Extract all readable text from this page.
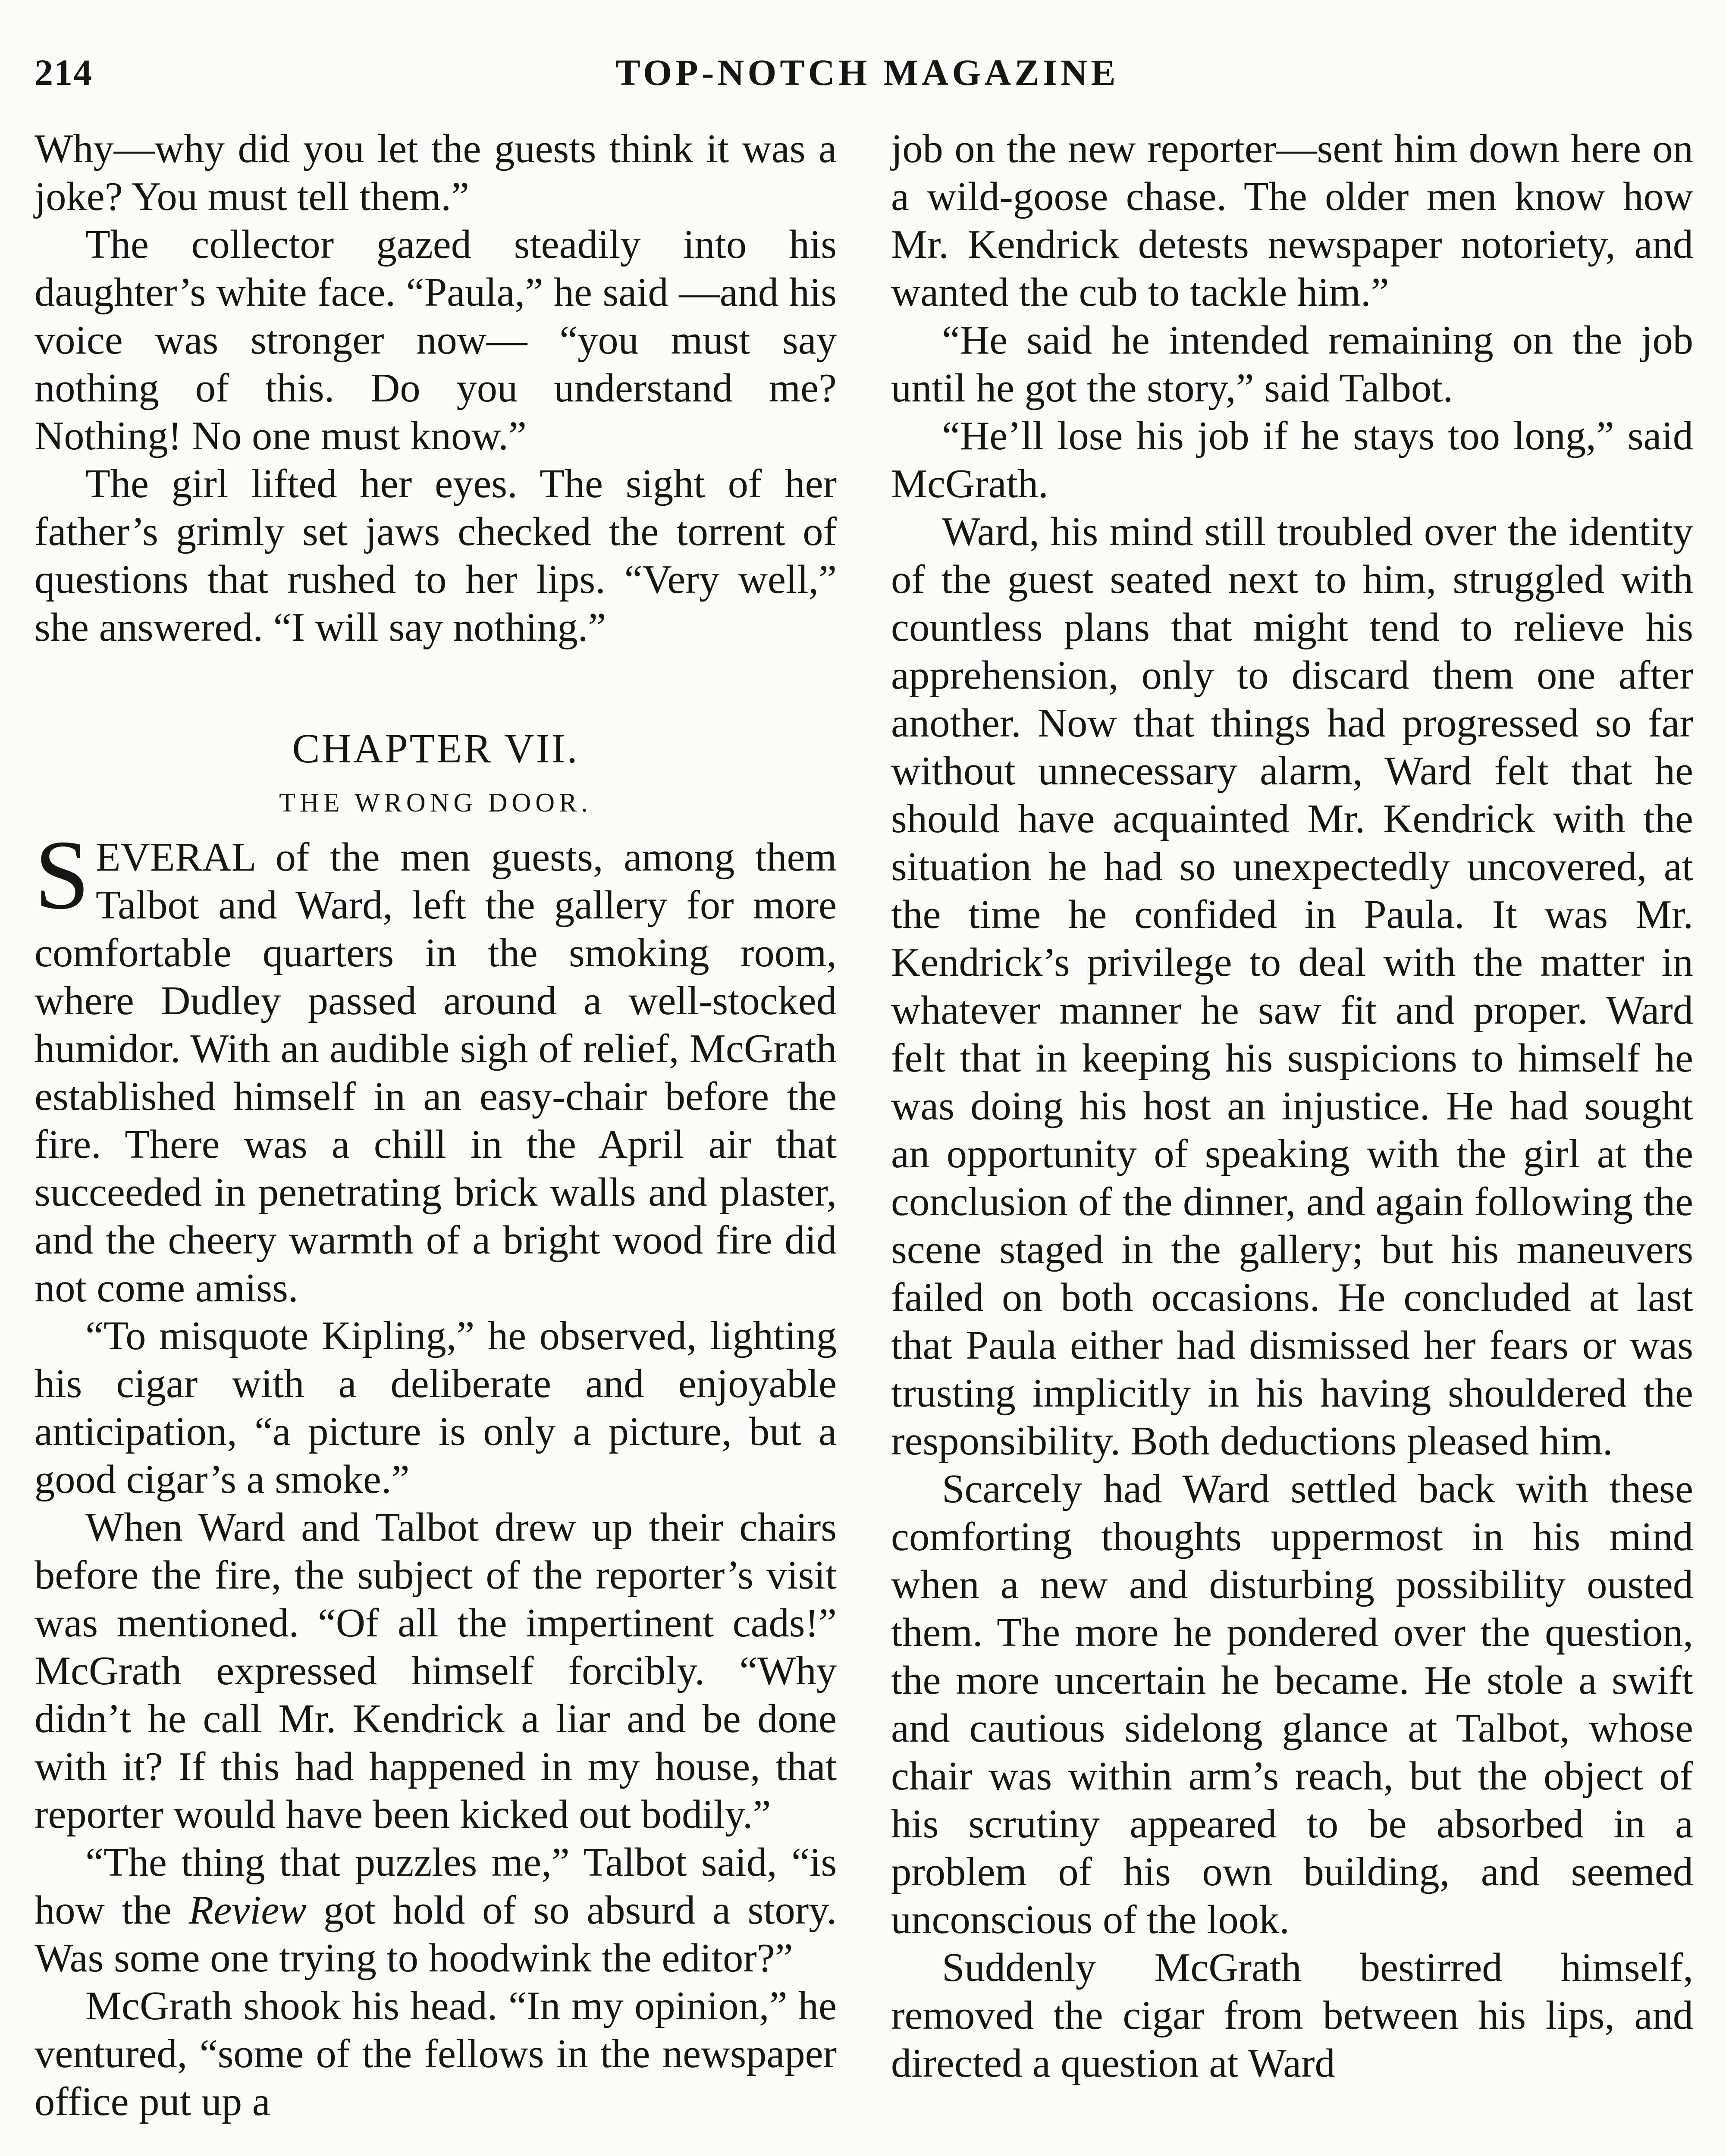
214	TOP-NOTCH MAGAZINE

Why—why did you let the guests think it was a joke? You must tell them.”

The collector gazed steadily into his daughter’s white face. “Paula,” he said —and his voice was stronger now— “you must say nothing of this. Do you understand me? Nothing! No one must know.”

The girl lifted her eyes. The sight of her father’s grimly set jaws checked the torrent of questions that rushed to her lips. “Very well,” she answered. “I will say nothing.”

CHAPTER VII.
THE WRONG DOOR.

SEVERAL of the men guests, among them Talbot and Ward, left the gallery for more comfortable quarters in the smoking room, where Dudley passed around a well-stocked humidor. With an audible sigh of relief, McGrath established himself in an easy-chair before the fire. There was a chill in the April air that succeeded in penetrating brick walls and plaster, and the cheery warmth of a bright wood fire did not come amiss.

“To misquote Kipling,” he observed, lighting his cigar with a deliberate and enjoyable anticipation, “a picture is only a picture, but a good cigar’s a smoke.”

When Ward and Talbot drew up their chairs before the fire, the subject of the reporter’s visit was mentioned. “Of all the impertinent cads!” McGrath expressed himself forcibly. “Why didn’t he call Mr. Kendrick a liar and be done with it? If this had happened in my house, that reporter would have been kicked out bodily.”

“The thing that puzzles me,” Talbot said, “is how the Review got hold of so absurd a story. Was some one trying to hoodwink the editor?”

McGrath shook his head. “In my opinion,” he ventured, “some of the fellows in the newspaper office put up a

job on the new reporter—sent him down here on a wild-goose chase. The older men know how Mr. Kendrick detests newspaper notoriety, and wanted the cub to tackle him.”

“He said he intended remaining on the job until he got the story,” said Talbot.

“He’ll lose his job if he stays too long,” said McGrath.

Ward, his mind still troubled over the identity of the guest seated next to him, struggled with countless plans that might tend to relieve his apprehension, only to discard them one after another. Now that things had progressed so far without unnecessary alarm, Ward felt that he should have acquainted Mr. Kendrick with the situation he had so unexpectedly uncovered, at the time he confided in Paula. It was Mr. Kendrick’s privilege to deal with the matter in whatever manner he saw fit and proper. Ward felt that in keeping his suspicions to himself he was doing his host an injustice. He had sought an opportunity of speaking with the girl at the conclusion of the dinner, and again following the scene staged in the gallery; but his maneuvers failed on both occasions. He concluded at last that Paula either had dismissed her fears or was trusting implicitly in his having shouldered the responsibility. Both deductions pleased him.

Scarcely had Ward settled back with these comforting thoughts uppermost in his mind when a new and disturbing possibility ousted them. The more he pondered over the question, the more uncertain he became. He stole a swift and cautious sidelong glance at Talbot, whose chair was within arm’s reach, but the object of his scrutiny appeared to be absorbed in a problem of his own building, and seemed unconscious of the look.

Suddenly McGrath bestirred himself, removed the cigar from between his lips, and directed a question at Ward
